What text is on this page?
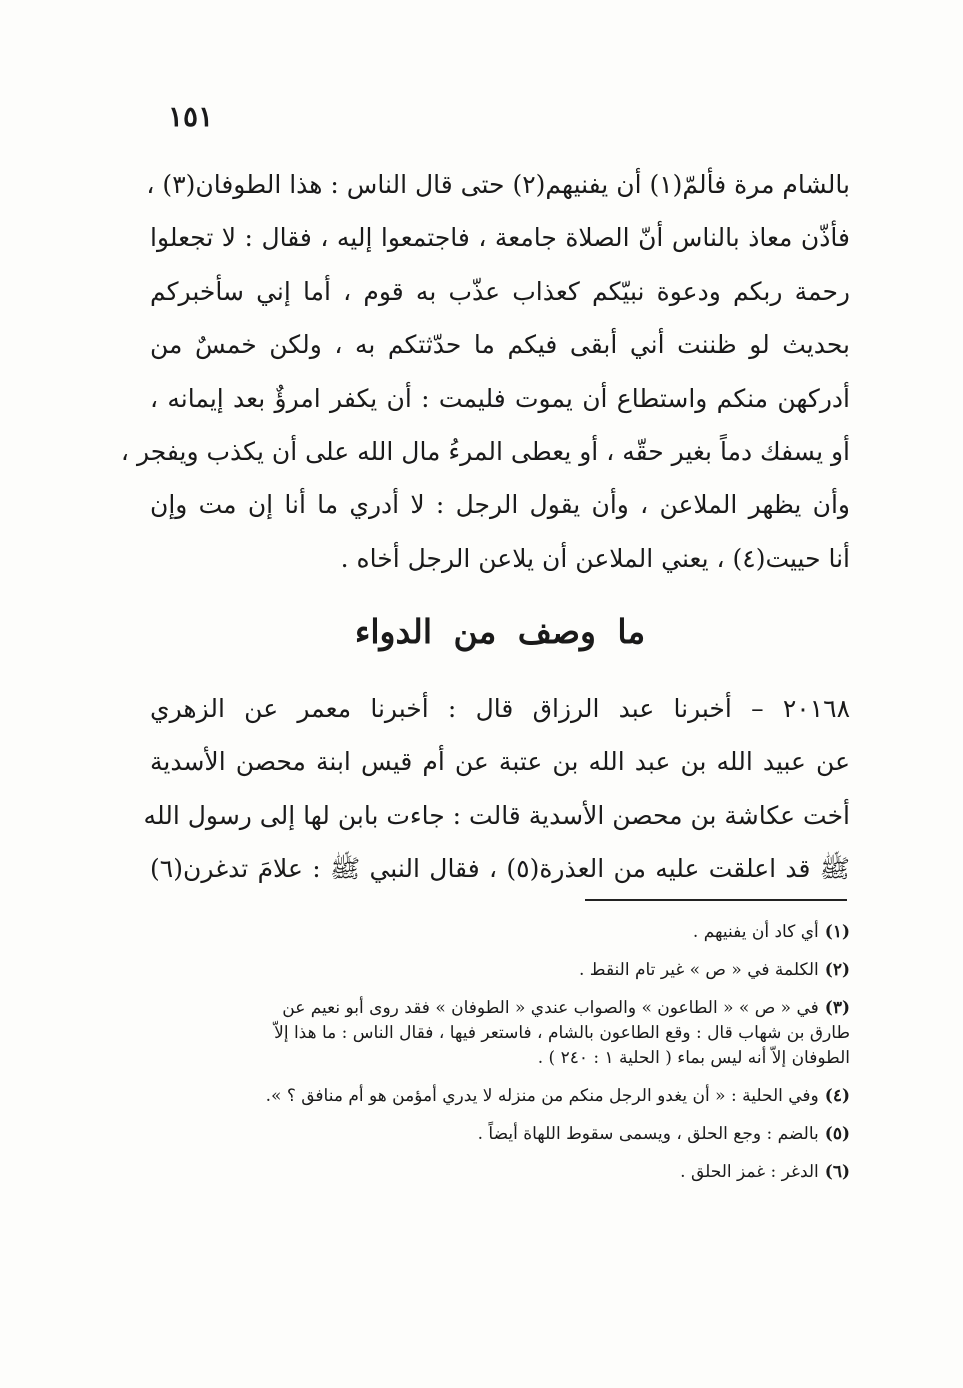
١٥١
بالشام مرة فألمّ(١) أن يفنيهم(٢) حتى قال الناس : هذا الطوفان(٣) ،
فأذّن معاذ بالناس أنّ الصلاة جامعة ، فاجتمعوا إليه ، فقال : لا تجعلوا
رحمة ربكم ودعوة نبيّكم كعذاب عذّب به قوم ، أما إني سأخبركم
بحديث لو ظننت أني أبقى فيكم ما حدّثتكم به ، ولكن خمسٌ من
أدركهن منكم واستطاع أن يموت فليمت : أن يكفر امرؤٌ بعد إيمانه ،
أو يسفك دماً بغير حقّه ، أو يعطى المرءُ مال الله على أن يكذب ويفجر ،
وأن يظهر الملاعن ، وأن يقول الرجل : لا أدري ما أنا إن مت وإن
أنا حييت(٤) ، يعني الملاعن أن يلاعن الرجل أخاه .
ما وصف من الدواء
٢٠١٦٨ – أخبرنا عبد الرزاق قال : أخبرنا معمر عن الزهري
عن عبيد الله بن عبد الله بن عتبة عن أم قيس ابنة محصن الأسدية
أخت عكاشة بن محصن الأسدية قالت : جاءت بابن لها إلى رسول الله
ﷺ قد اعلقت عليه من العذرة(٥) ، فقال النبي ﷺ : علامَ تدغرن(٦)
(١)أي كاد أن يفنيهم .
(٢)الكلمة في « ص » غير تام النقط .
(٣)في « ص » « الطاعون » والصواب عندي « الطوفان » فقد روى أبو نعيم عن
طارق بن شهاب قال : وقع الطاعون بالشام ، فاستعر فيها ، فقال الناس : ما هذا إلاّ
الطوفان إلاّ أنه ليس بماء ( الحلية ١ : ٢٤٠ ) .
(٤)وفي الحلية : « أن يغدو الرجل منكم من منزله لا يدري أمؤمن هو أم منافق ؟ ».
(٥)بالضم : وجع الحلق ، ويسمى سقوط اللهاة أيضاً .
(٦)الدغر : غمز الحلق .
